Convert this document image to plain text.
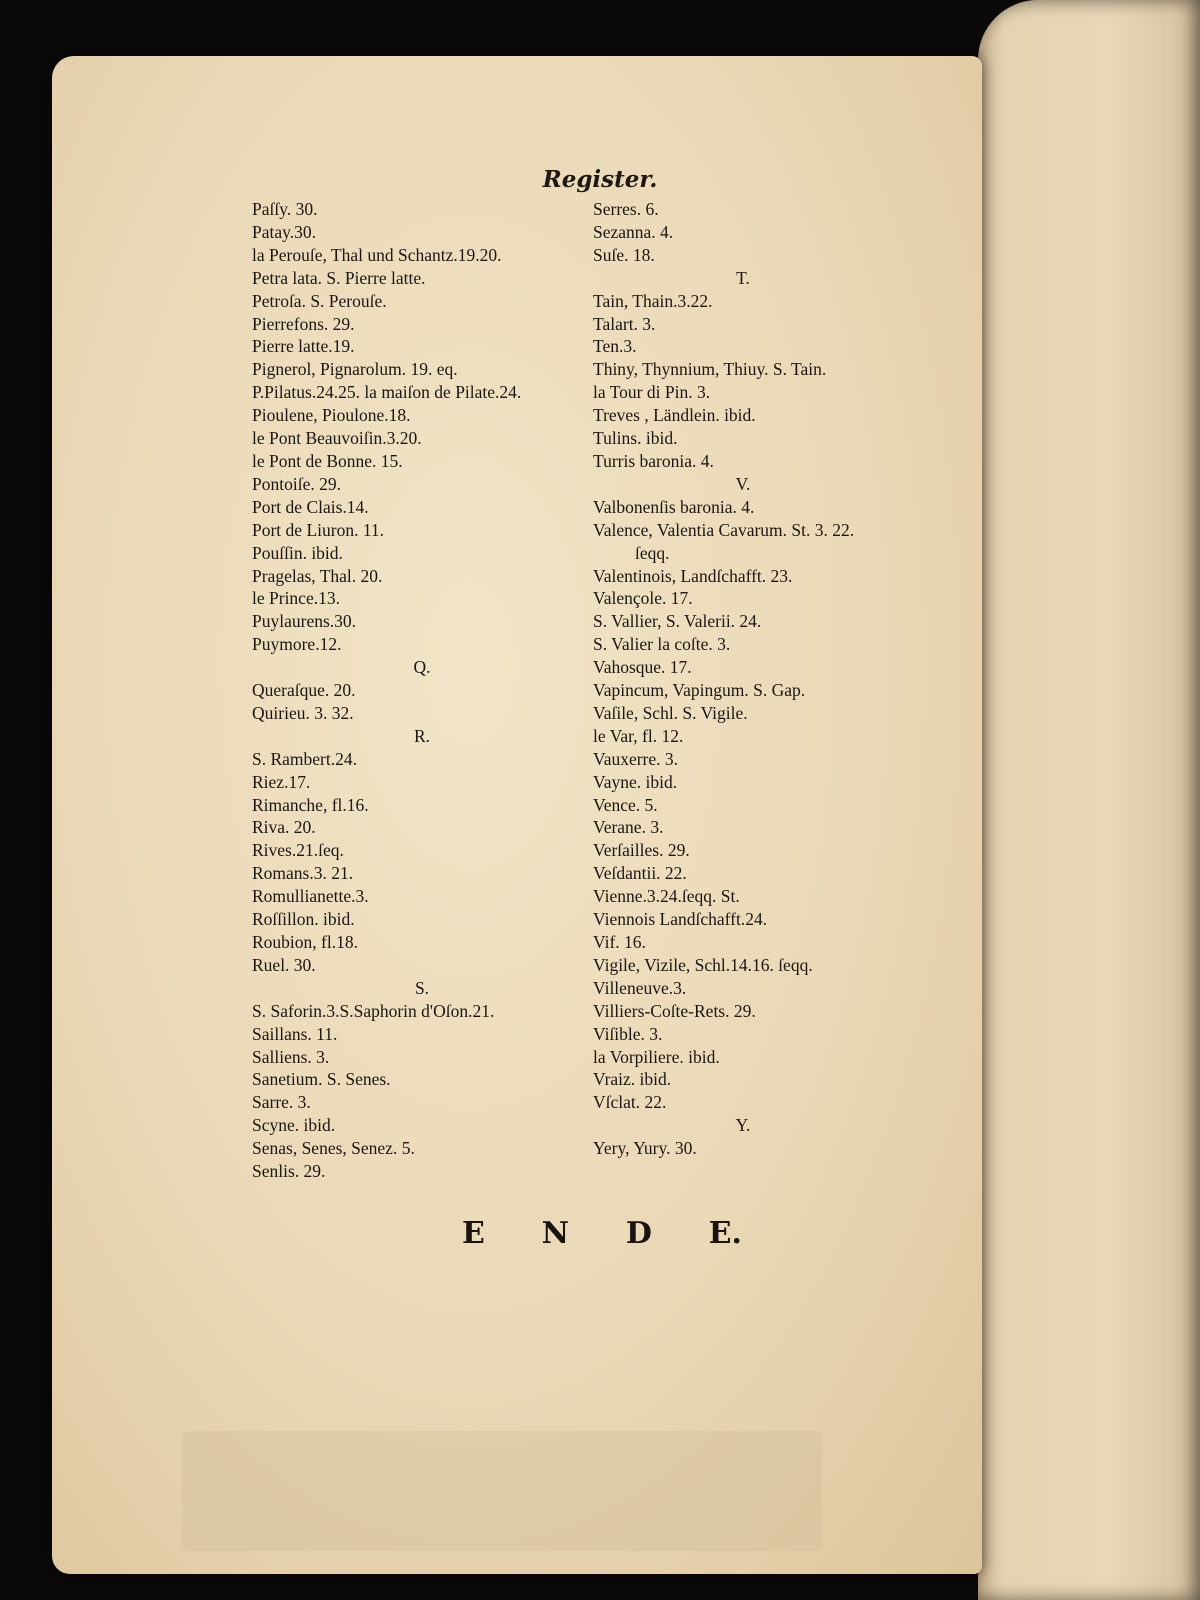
Register.
Paſſy. 30.
Patay.30.
la Perouſe, Thal und Schantz.19.20.
Petra lata. S. Pierre latte.
Petroſa. S. Perouſe.
Pierrefons. 29.
Pierre latte.19.
Pignerol, Pignarolum. 19. eq.
P.Pilatus.24.25. la maiſon de Pilate.24.
Pioulene, Pioulone.18.
le Pont Beauvoiſin.3.20.
le Pont de Bonne. 15.
Pontoiſe. 29.
Port de Clais.14.
Port de Liuron. 11.
Pouſſin. ibid.
Pragelas, Thal. 20.
le Prince.13.
Puylaurens.30.
Puymore.12.
Q.
Queraſque. 20.
Quirieu. 3. 32.
R.
S. Rambert.24.
Riez.17.
Rimanche, fl.16.
Riva. 20.
Rives.21.ſeq.
Romans.3. 21.
Romullianette.3.
Roſſillon. ibid.
Roubion, fl.18.
Ruel. 30.
S.
S. Saforin.3.S.Saphorin d'Oſon.21.
Saillans. 11.
Salliens. 3.
Sanetium. S. Senes.
Sarre. 3.
Scyne. ibid.
Senas, Senes, Senez. 5.
Senlis. 29.
Serres. 6.
Sezanna. 4.
Suſe. 18.
T.
Tain, Thain.3.22.
Talart. 3.
Ten.3.
Thiny, Thynnium, Thiuy. S. Tain.
la Tour di Pin. 3.
Treves , Ländlein. ibid.
Tulins. ibid.
Turris baronia. 4.
V.
Valbonenſis baronia. 4.
Valence, Valentia Cavarum. St. 3. 22.
ſeqq.
Valentinois, Landſchafft. 23.
Valençole. 17.
S. Vallier, S. Valerii. 24.
S. Valier la coſte. 3.
Vahosque. 17.
Vapincum, Vapingum. S. Gap.
Vaſile, Schl. S. Vigile.
le Var, fl. 12.
Vauxerre. 3.
Vayne. ibid.
Vence. 5.
Verane. 3.
Verſailles. 29.
Veſdantii. 22.
Vienne.3.24.ſeqq. St.
Viennois Landſchafft.24.
Vif. 16.
Vigile, Vizile, Schl.14.16. ſeqq.
Villeneuve.3.
Villiers-Coſte-Rets. 29.
Viſible. 3.
la Vorpiliere. ibid.
Vraiz. ibid.
Vſclat. 22.
Y.
Yery, Yury. 30.
E N D E.
